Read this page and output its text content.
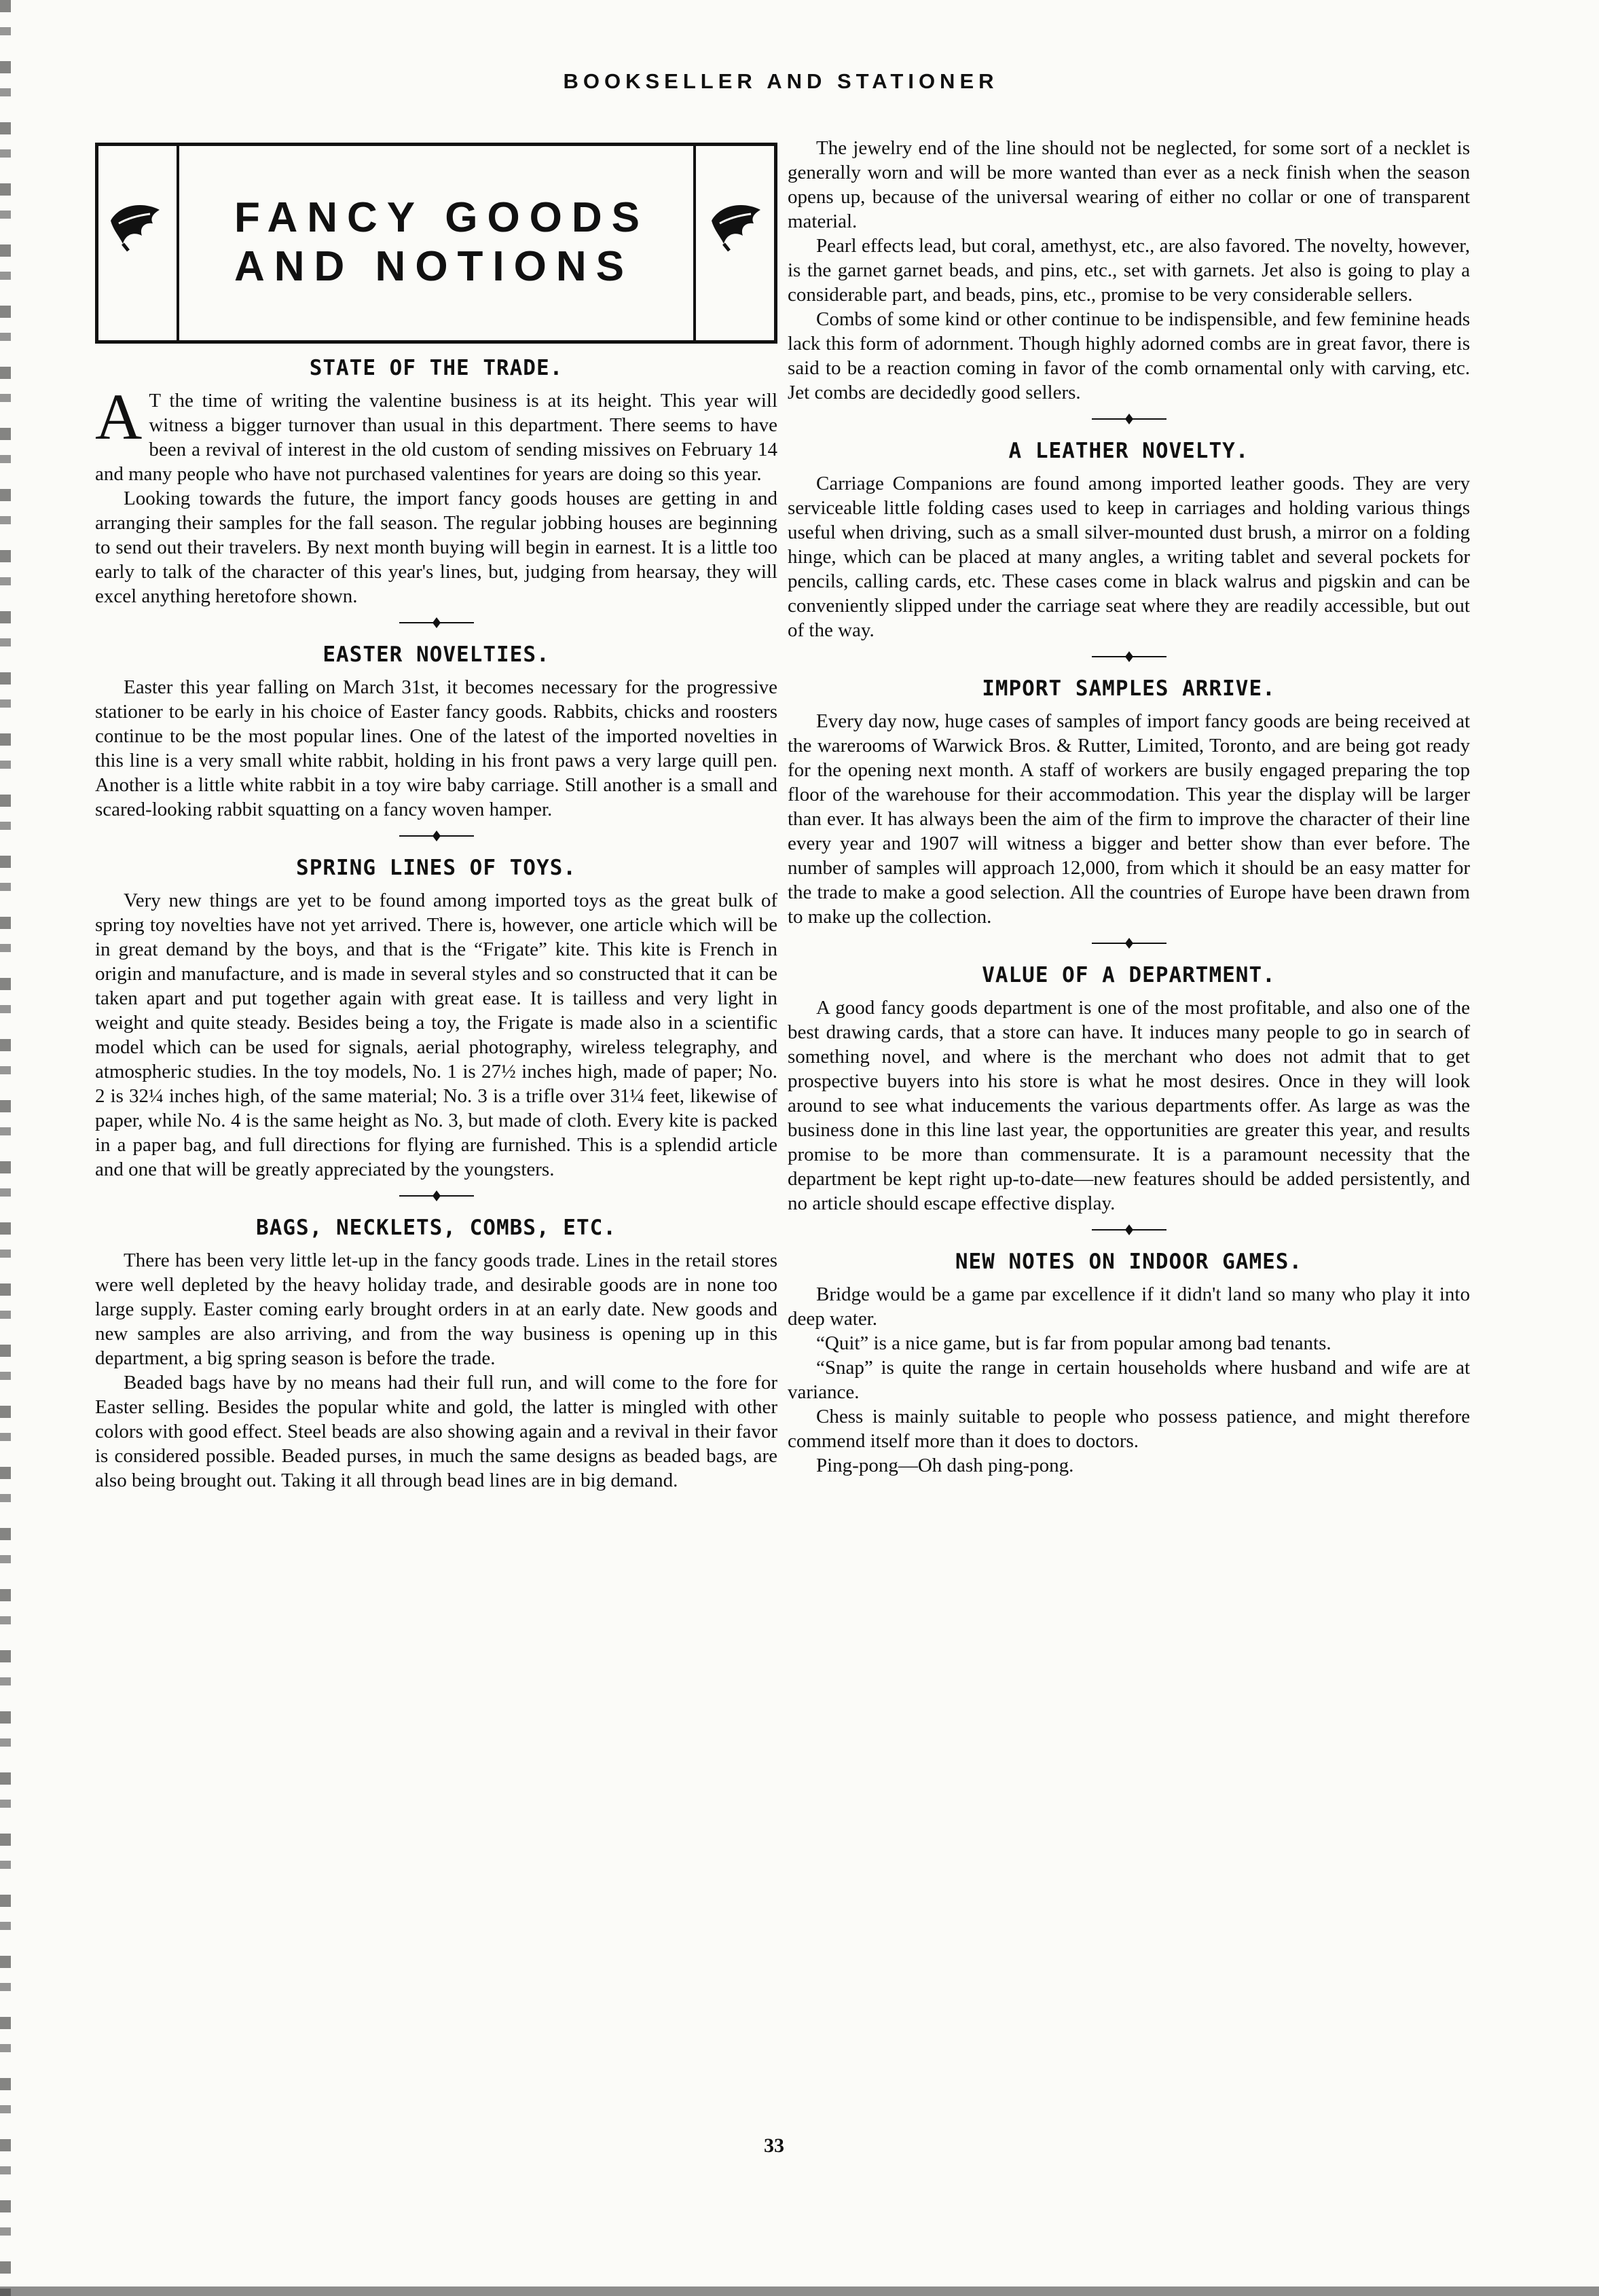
BOOKSELLER AND STATIONER
FANCY GOODS
AND NOTIONS
STATE OF THE TRADE.

A T the time of writing the valentine business is at its height. This year will witness a bigger turnover than usual in this department. There seems to have been a revival of interest in the old custom of sending missives on February 14 and many people who have not purchased valentines for years are doing so this year.

Looking towards the future, the import fancy goods houses are getting in and arranging their samples for the fall season. The regular jobbing houses are beginning to send out their travelers. By next month buying will begin in earnest. It is a little too early to talk of the character of this year's lines, but, judging from hearsay, they will excel anything heretofore shown.

EASTER NOVELTIES.

Easter this year falling on March 31st, it becomes necessary for the progressive stationer to be early in his choice of Easter fancy goods. Rabbits, chicks and roosters continue to be the most popular lines. One of the latest of the imported novelties in this line is a very small white rabbit, holding in his front paws a very large quill pen. Another is a little white rabbit in a toy wire baby carriage. Still another is a small and scared-looking rabbit squatting on a fancy woven hamper.

SPRING LINES OF TOYS.

Very new things are yet to be found among imported toys as the great bulk of spring toy novelties have not yet arrived. There is, however, one article which will be in great demand by the boys, and that is the “Frigate” kite. This kite is French in origin and manufacture, and is made in several styles and so constructed that it can be taken apart and put together again with great ease. It is tailless and very light in weight and quite steady. Besides being a toy, the Frigate is made also in a scientific model which can be used for signals, aerial photography, wireless telegraphy, and atmospheric studies. In the toy models, No. 1 is 27½ inches high, made of paper; No. 2 is 32¼ inches high, of the same material; No. 3 is a trifle over 31¼ feet, likewise of paper, while No. 4 is the same height as No. 3, but made of cloth. Every kite is packed in a paper bag, and full directions for flying are furnished. This is a splendid article and one that will be greatly appreciated by the youngsters.

BAGS, NECKLETS, COMBS, ETC.

There has been very little let-up in the fancy goods trade. Lines in the retail stores were well depleted by the heavy holiday trade, and desirable goods are in none too large supply. Easter coming early brought orders in at an early date. New goods and new samples are also arriving, and from the way business is opening up in this department, a big spring season is before the trade.

Beaded bags have by no means had their full run, and will come to the fore for Easter selling. Besides the popular white and gold, the latter is mingled with other colors with good effect. Steel beads are also showing again and a revival in their favor is considered possible. Beaded purses, in much the same designs as beaded bags, are also being brought out. Taking it all through bead lines are in big demand.

The jewelry end of the line should not be neglected, for some sort of a necklet is generally worn and will be more wanted than ever as a neck finish when the season opens up, because of the universal wearing of either no collar or one of transparent material.

Pearl effects lead, but coral, amethyst, etc., are also favored. The novelty, however, is the garnet garnet beads, and pins, etc., set with garnets. Jet also is going to play a considerable part, and beads, pins, etc., promise to be very considerable sellers.

Combs of some kind or other continue to be indispensible, and few feminine heads lack this form of adornment. Though highly adorned combs are in great favor, there is said to be a reaction coming in favor of the comb ornamental only with carving, etc. Jet combs are decidedly good sellers.

A LEATHER NOVELTY.

Carriage Companions are found among imported leather goods. They are very serviceable little folding cases used to keep in carriages and holding various things useful when driving, such as a small silver-mounted dust brush, a mirror on a folding hinge, which can be placed at many angles, a writing tablet and several pockets for pencils, calling cards, etc. These cases come in black walrus and pigskin and can be conveniently slipped under the carriage seat where they are readily accessible, but out of the way.

IMPORT SAMPLES ARRIVE.

Every day now, huge cases of samples of import fancy goods are being received at the warerooms of Warwick Bros. & Rutter, Limited, Toronto, and are being got ready for the opening next month. A staff of workers are busily engaged preparing the top floor of the warehouse for their accommodation. This year the display will be larger than ever. It has always been the aim of the firm to improve the character of their line every year and 1907 will witness a bigger and better show than ever before. The number of samples will approach 12,000, from which it should be an easy matter for the trade to make a good selection. All the countries of Europe have been drawn from to make up the collection.

VALUE OF A DEPARTMENT.

A good fancy goods department is one of the most profitable, and also one of the best drawing cards, that a store can have. It induces many people to go in search of something novel, and where is the merchant who does not admit that to get prospective buyers into his store is what he most desires. Once in they will look around to see what inducements the various departments offer. As large as was the business done in this line last year, the opportunities are greater this year, and results promise to be more than commensurate. It is a paramount necessity that the department be kept right up-to-date—new features should be added persistently, and no article should escape effective display.

NEW NOTES ON INDOOR GAMES.

Bridge would be a game par excellence if it didn't land so many who play it into deep water.

“Quit” is a nice game, but is far from popular among bad tenants.

“Snap” is quite the range in certain households where husband and wife are at variance.

Chess is mainly suitable to people who possess patience, and might therefore commend itself more than it does to doctors.

Ping-pong—Oh dash ping-pong.

33
